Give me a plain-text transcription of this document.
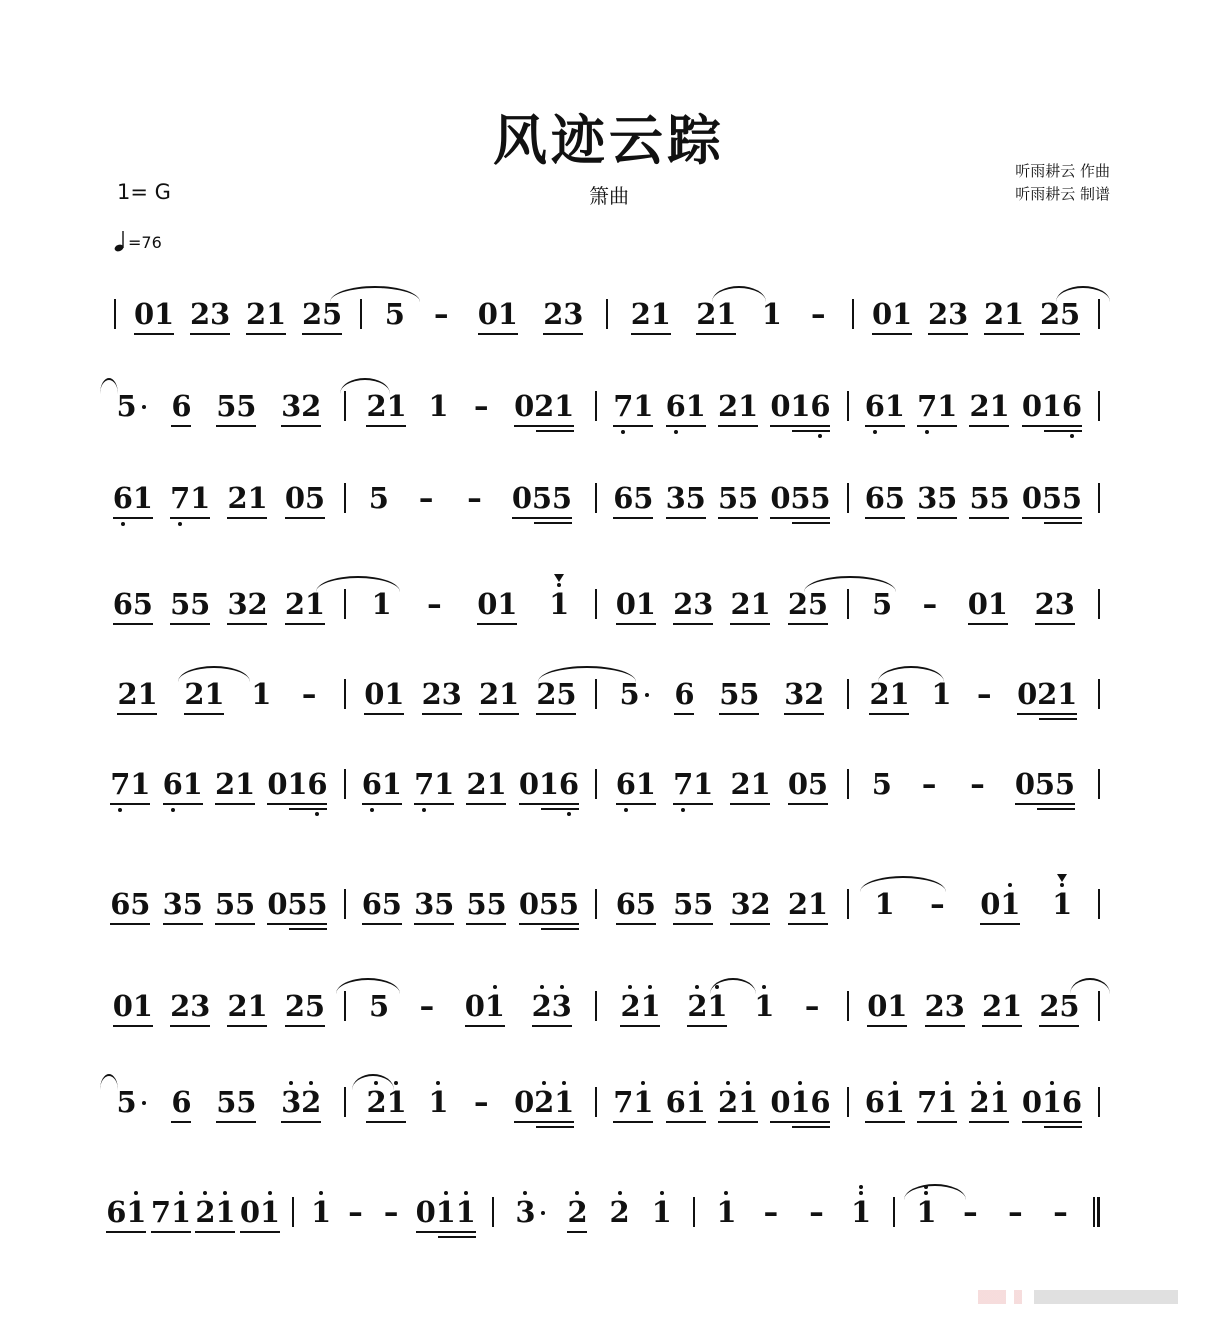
风迹云踪
箫曲
1= G
=76
听雨耕云 作曲
听雨耕云 制谱
0 1 2 3 2 1 2 5 5 – 0 1 2 3 2 1 2 1 1 – 0 1 2 3 2 1 2 5
5 6 5 5 3 2 2 1 1 – 0 2 1 7 1 6 1 2 1 0 1 6 6 1 7 1 2 1 0 1 6
6 1 7 1 2 1 0 5 5 – – 0 5 5 6 5 3 5 5 5 0 5 5 6 5 3 5 5 5 0 5 5
6 5 5 5 3 2 2 1 1 – 0 1 1 0 1 2 3 2 1 2 5 5 – 0 1 2 3
2 1 2 1 1 – 0 1 2 3 2 1 2 5 5 6 5 5 3 2 2 1 1 – 0 2 1
7 1 6 1 2 1 0 1 6 6 1 7 1 2 1 0 1 6 6 1 7 1 2 1 0 5 5 – – 0 5 5
6 5 3 5 5 5 0 5 5 6 5 3 5 5 5 0 5 5 6 5 5 5 3 2 2 1 1 – 0 1 1
0 1 2 3 2 1 2 5 5 – 0 1 2 3 2 1 2 1 1 – 0 1 2 3 2 1 2 5
5 6 5 5 3 2 2 1 1 – 0 2 1 7 1 6 1 2 1 0 1 6 6 1 7 1 2 1 0 1 6
6 1 7 1 2 1 0 1 1 – – 0 1 1 3 2 2 1 1 – – 1 1 – – –
